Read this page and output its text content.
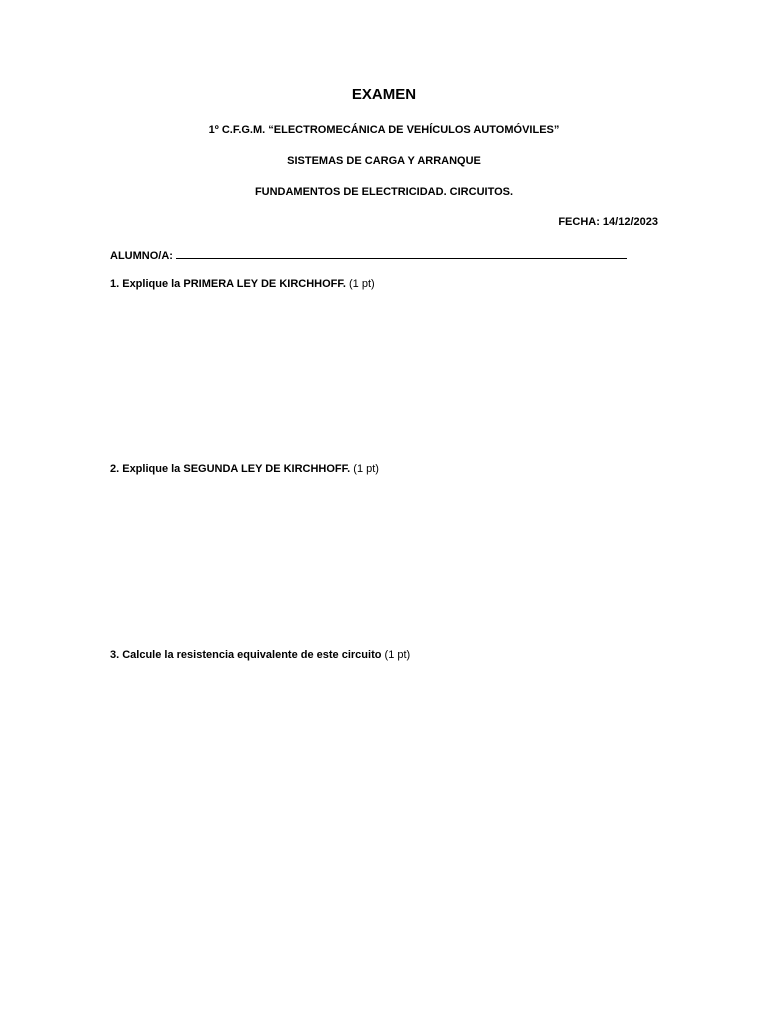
EXAMEN
1º C.F.G.M. “ELECTROMECÁNICA DE VEHÍCULOS AUTOMÓVILES”
SISTEMAS DE CARGA Y ARRANQUE
FUNDAMENTOS DE ELECTRICIDAD. CIRCUITOS.
FECHA: 14/12/2023
ALUMNO/A:
1. Explique la PRIMERA LEY DE KIRCHHOFF. (1 pt)
2. Explique la SEGUNDA LEY DE KIRCHHOFF. (1 pt)
3. Calcule la resistencia equivalente de este circuito (1 pt)
